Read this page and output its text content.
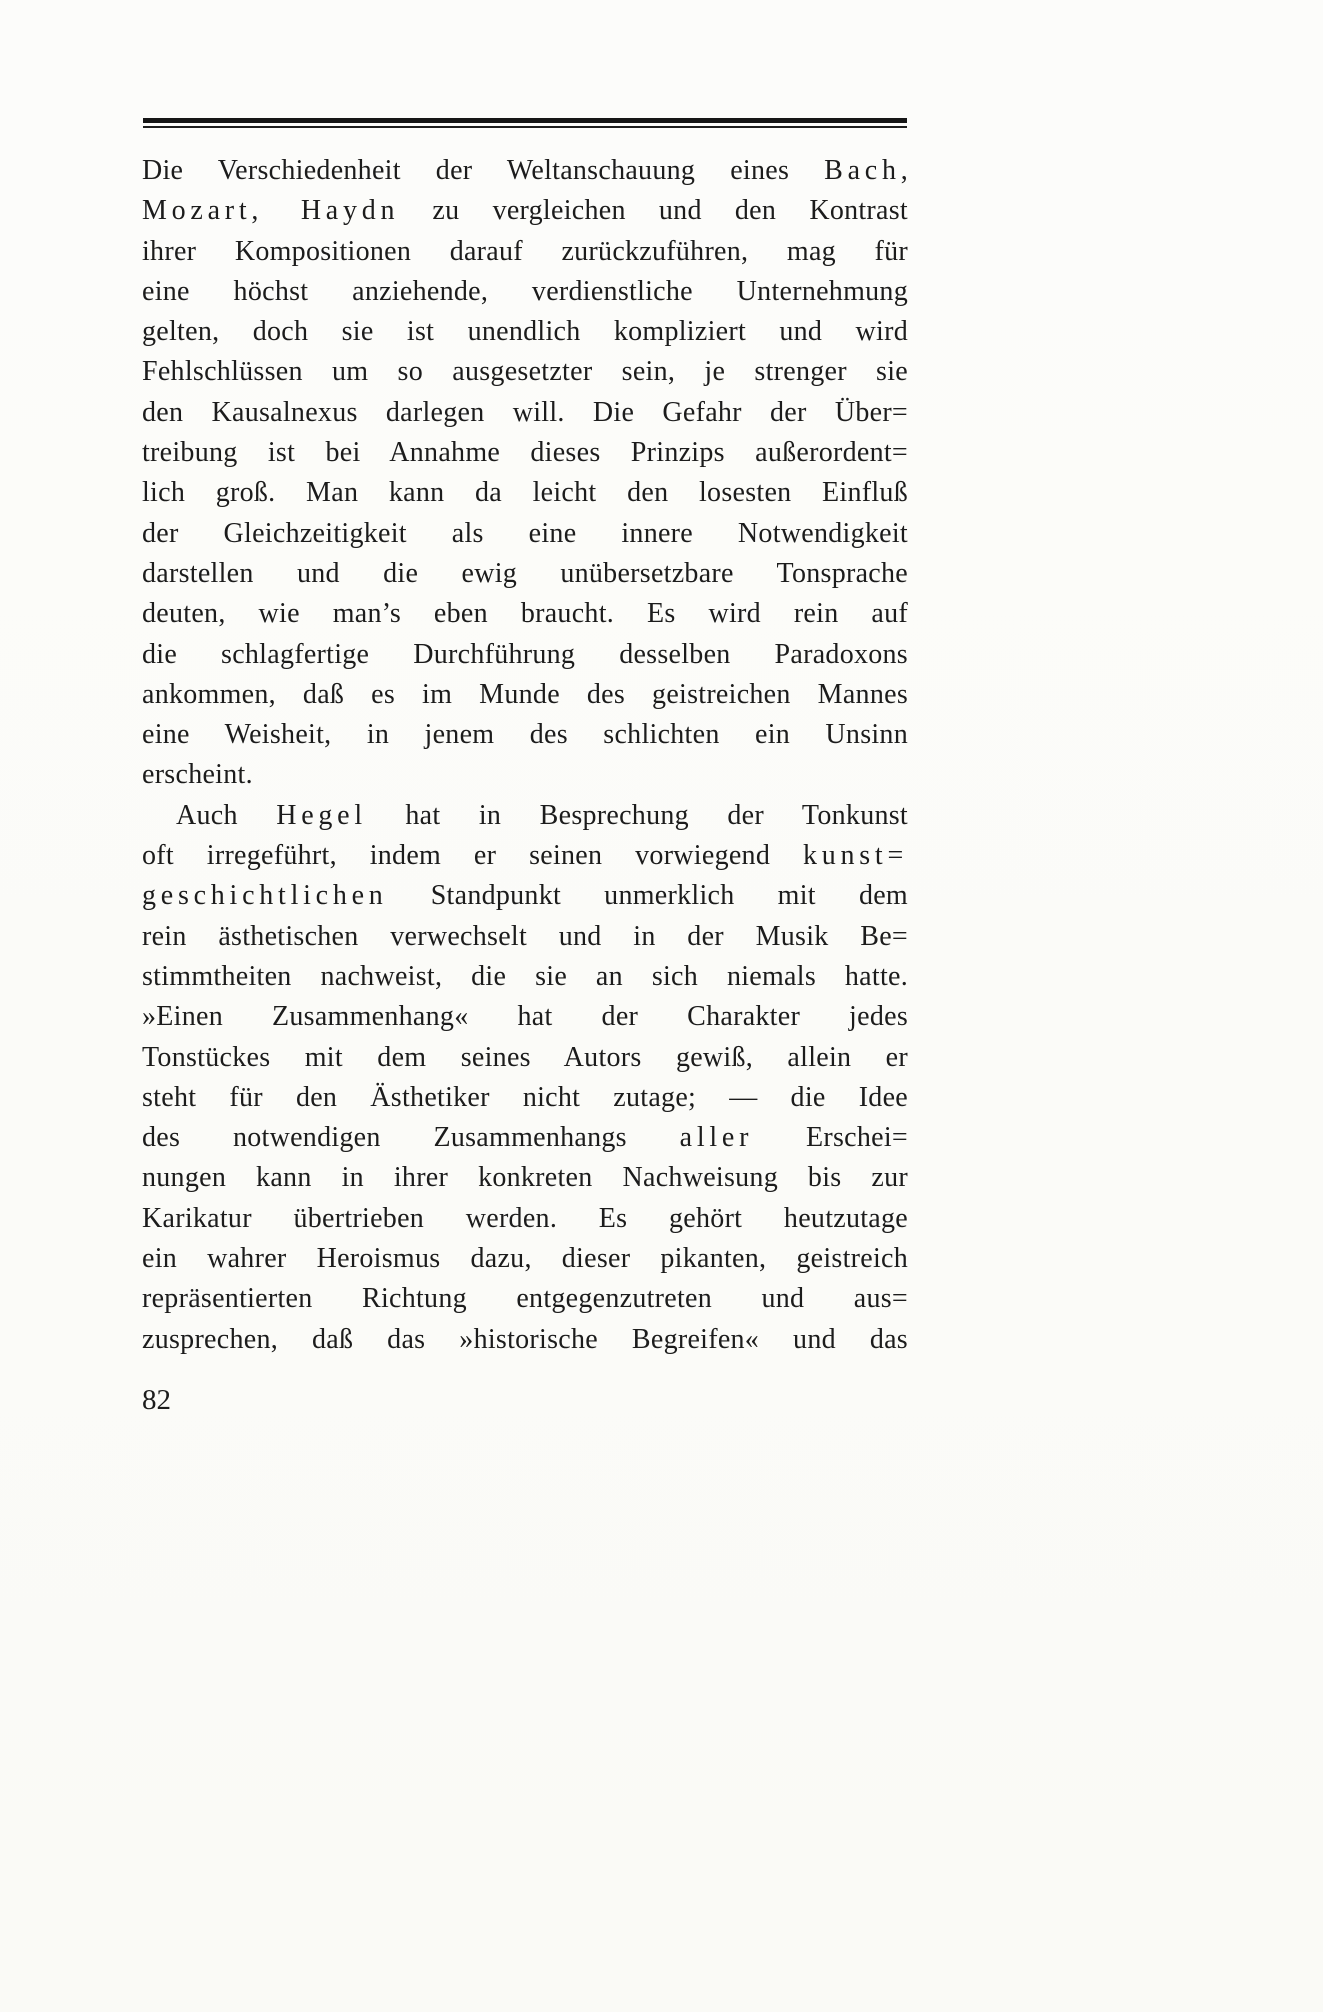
Die Verschiedenheit der Weltanschauung eines Bach,
Mozart, Haydn zu vergleichen und den Kontrast
ihrer Kompositionen darauf zurückzuführen, mag für
eine höchst anziehende, verdienstliche Unternehmung
gelten, doch sie ist unendlich kompliziert und wird
Fehlschlüssen um so ausgesetzter sein, je strenger sie
den Kausalnexus darlegen will. Die Gefahr der Über=
treibung ist bei Annahme dieses Prinzips außerordent=
lich groß. Man kann da leicht den losesten Einfluß
der Gleichzeitigkeit als eine innere Notwendigkeit
darstellen und die ewig unübersetzbare Tonsprache
deuten, wie man’s eben braucht. Es wird rein auf
die schlagfertige Durchführung desselben Paradoxons
ankommen, daß es im Munde des geistreichen Mannes
eine Weisheit, in jenem des schlichten ein Unsinn
erscheint.
Auch Hegel hat in Besprechung der Tonkunst
oft irregeführt, indem er seinen vorwiegend kunst=
geschichtlichen Standpunkt unmerklich mit dem
rein ästhetischen verwechselt und in der Musik Be=
stimmtheiten nachweist, die sie an sich niemals hatte.
»Einen Zusammenhang« hat der Charakter jedes
Tonstückes mit dem seines Autors gewiß, allein er
steht für den Ästhetiker nicht zutage; — die Idee
des notwendigen Zusammenhangs aller Erschei=
nungen kann in ihrer konkreten Nachweisung bis zur
Karikatur übertrieben werden. Es gehört heutzutage
ein wahrer Heroismus dazu, dieser pikanten, geistreich
repräsentierten Richtung entgegenzutreten und aus=
zusprechen, daß das »historische Begreifen« und das
82
